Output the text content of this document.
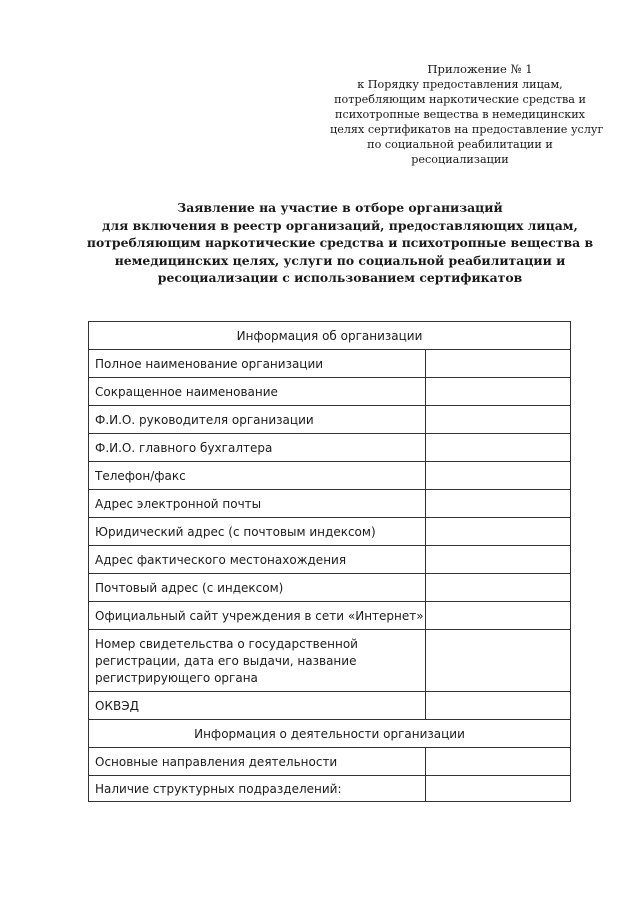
Приложение № 1
к Порядку предоставления лицам,
потребляющим наркотические средства и
психотропные вещества в немедицинских
целях сертификатов на предоставление услуг
по социальной реабилитации и
ресоциализации
Заявление на участие в отборе организаций
для включения в реестр организаций, предоставляющих лицам,
потребляющим наркотические средства и психотропные вещества в
немедицинских целях, услуги по социальной реабилитации и
ресоциализации с использованием сертификатов
Информация об организации	
Полное наименование организации	
Сокращенное наименование	
Ф.И.О. руководителя организации	
Ф.И.О. главного бухгалтера	
Телефон/факс	
Адрес электронной почты	
Юридический адрес (с почтовым индексом)	
Адрес фактического местонахождения	
Почтовый адрес (с индексом)	
Официальный сайт учреждения в сети «Интернет»	
Номер свидетельства о государственной регистрации, дата его выдачи, название регистрирующего органа	
ОКВЭД	
Информация о деятельности организации	
Основные направления деятельности	
Наличие структурных подразделений:	
